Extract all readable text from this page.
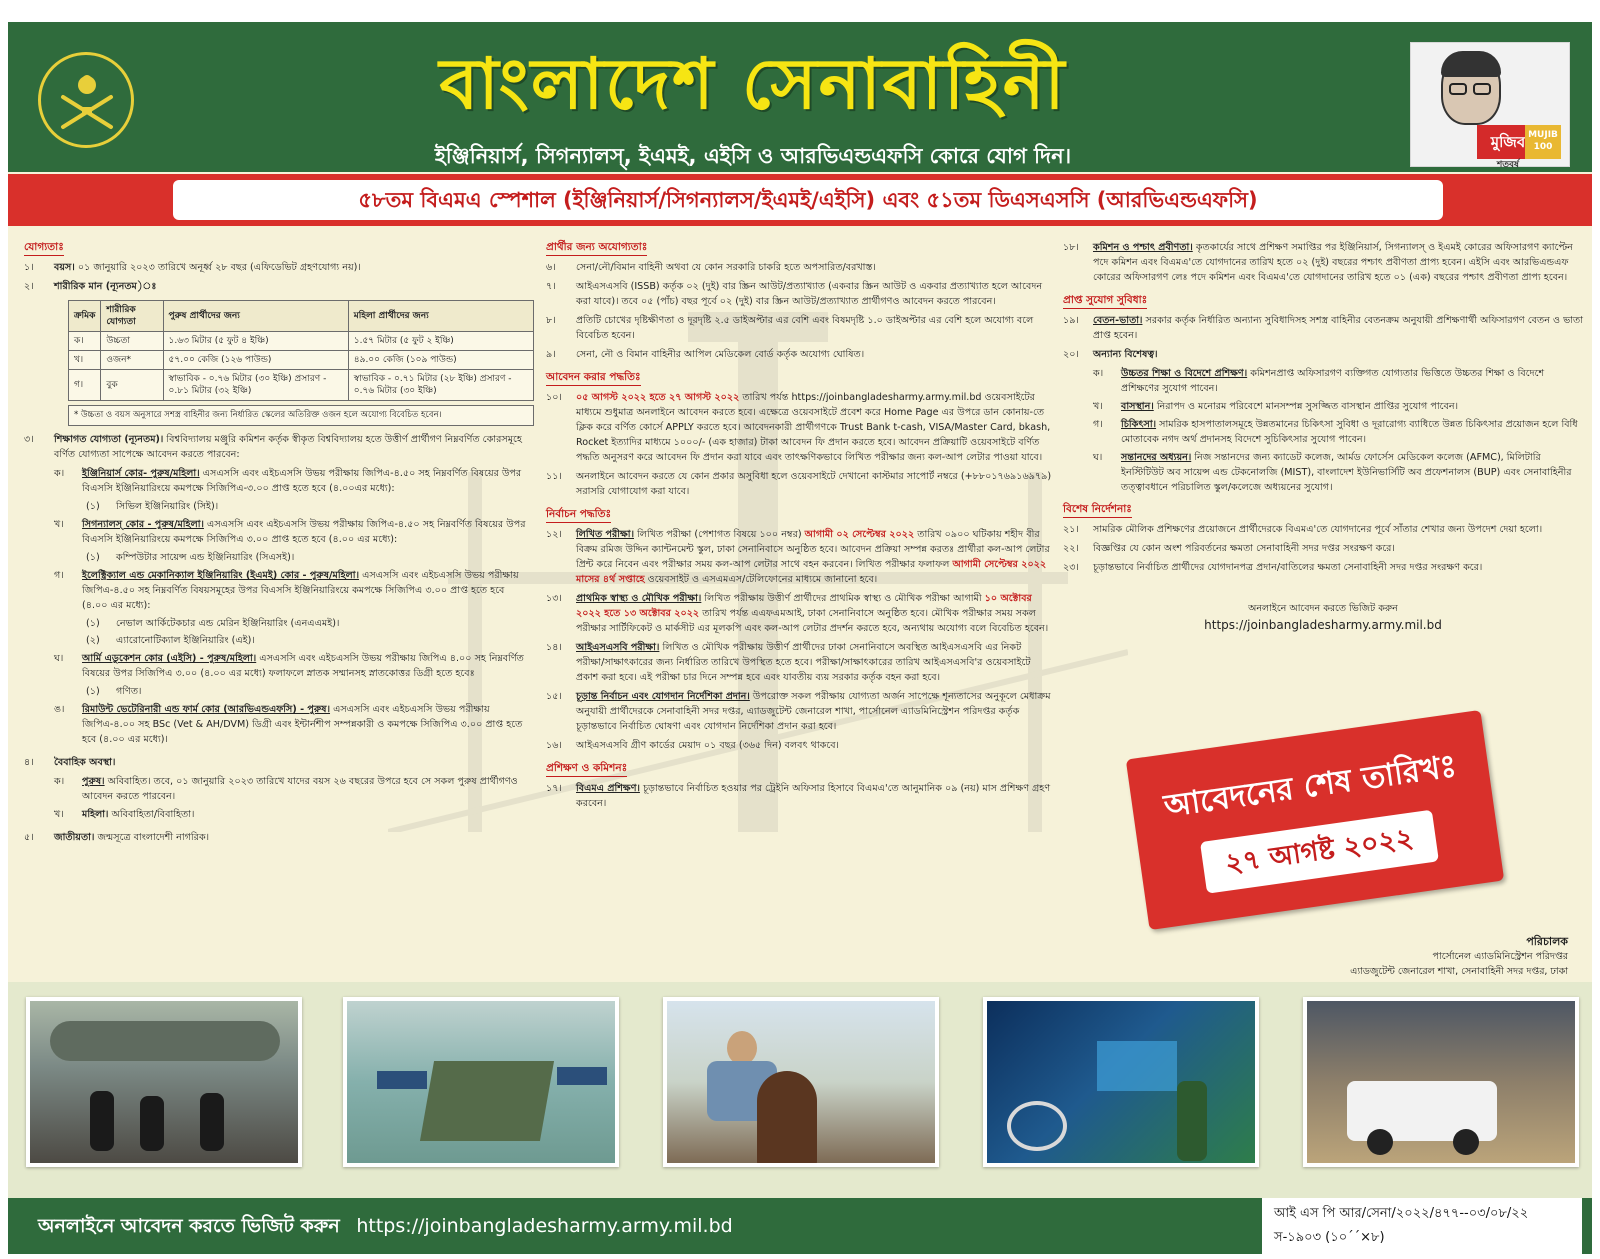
বাংলাদেশ সেনাবাহিনী
ইঞ্জিনিয়ার্স, সিগন্যালস্, ইএমই, এইসি ও আরভিএন্ডএফসি কোরে যোগ দিন।
মুজিব MUJIB 100
শতবর্ষ
৫৮তম বিএমএ স্পেশাল (ইঞ্জিনিয়ার্স/সিগন্যালস/ইএমই/এইসি) এবং ৫১তম ডিএসএসসি (আরভিএন্ডএফসি)
যোগ্যতাঃ
১।	বয়স। ০১ জানুয়ারি ২০২৩ তারিখে অনূর্ধ্ব ২৮ বছর (এফিডেভিট গ্রহণযোগ্য নয়)।
২।	শারীরিক মান (ন্যূনতম)ঃ
ক্রমিক	শারীরিক যোগ্যতা	পুরুষ প্রার্থীদের জন্য	মহিলা প্রার্থীদের জন্য
ক।	উচ্চতা	১.৬৩ মিটার (৫ ফুট ৪ ইঞ্চি)	১.৫৭ মিটার (৫ ফুট ২ ইঞ্চি)
খ।	ওজন*	৫৭.০০ কেজি (১২৬ পাউন্ড)	৪৯.০০ কেজি (১০৯ পাউন্ড)
গ।	বুক	স্বাভাবিক - ০.৭৬ মিটার (৩০ ইঞ্চি) প্রসারণ - ০.৮১ মিটার (৩২ ইঞ্চি)	স্বাভাবিক - ০.৭১ মিটার (২৮ ইঞ্চি) প্রসারণ - ০.৭৬ মিটার (৩০ ইঞ্চি)
* উচ্চতা ও বয়স অনুসারে সশস্ত্র বাহিনীর জন্য নির্ধারিত স্কেলের অতিরিক্ত ওজন হলে অযোগ্য বিবেচিত হবেন।
৩।	শিক্ষাগত যোগ্যতা (ন্যূনতম)। বিশ্ববিদ্যালয় মঞ্জুরি কমিশন কর্তৃক স্বীকৃত বিশ্ববিদ্যালয় হতে উত্তীর্ণ প্রার্থীগণ নিম্নবর্ণিত কোরসমূহে বর্ণিত যোগ্যতা সাপেক্ষে আবেদন করতে পারবেন:
ক। ইঞ্জিনিয়ার্স কোর- পুরুষ/মহিলা। এসএসসি এবং এইচএসসি উভয় পরীক্ষায় জিপিএ-৪.৫০ সহ নিম্নবর্ণিত বিষয়ের উপর বিএসসি ইঞ্জিনিয়ারিংয়ে কমপক্ষে সিজিপিএ-৩.০০ প্রাপ্ত হতে হবে (৪.০০এর মধ্যে):
(১) সিভিল ইঞ্জিনিয়ারিং (সিই)।
খ। সিগন্যালস্ কোর - পুরুষ/মহিলা। এসএসসি এবং এইচএসসি উভয় পরীক্ষায় জিপিএ-৪.৫০ সহ নিম্নবর্ণিত বিষয়ের উপর বিএসসি ইঞ্জিনিয়ারিংয়ে কমপক্ষে সিজিপিএ ৩.০০ প্রাপ্ত হতে হবে (৪.০০ এর মধ্যে):
(১) কম্পিউটার সায়েন্স এন্ড ইঞ্জিনিয়ারিং (সিএসই)।
গ। ইলেক্ট্রিক্যাল এন্ড মেকানিক্যাল ইঞ্জিনিয়ারিং (ইএমই) কোর - পুরুষ/মহিলা। এসএসসি এবং এইচএসসি উভয় পরীক্ষায় জিপিএ-৪.৫০ সহ নিম্নবর্ণিত বিষয়সমূহের উপর বিএসসি ইঞ্জিনিয়ারিংয়ে কমপক্ষে সিজিপিএ ৩.০০ প্রাপ্ত হতে হবে (৪.০০ এর মধ্যে):
(১) নেভাল আর্কিটেকচার এন্ড মেরিন ইঞ্জিনিয়ারিং (এনএএমই)।
(২) এ্যারোনোটিক্যাল ইঞ্জিনিয়ারিং (এই)।
ঘ। আর্মি এডুকেশন কোর (এইসি) - পুরুষ/মহিলা। এসএসসি এবং এইচএসসি উভয় পরীক্ষায় জিপিএ ৪.০০ সহ নিম্নবর্ণিত বিষয়ের উপর সিজিপিএ ৩.০০ (৪.০০ এর মধ্যে) ফলাফলে স্নাতক সম্মানসহ স্নাতকোত্তর ডিগ্রী হতে হবেঃ
(১) গণিত।
ঙ। রিমাউন্ট ভেটেরিনারী এন্ড ফার্ম কোর (আরভিএন্ডএফসি) - পুরুষ। এসএসসি এবং এইচএসসি উভয় পরীক্ষায় জিপিএ-৪.০০ সহ BSc (Vet & AH/DVM) ডিগ্রী এবং ইন্টার্নশীপ সম্পন্নকারী ও কমপক্ষে সিজিপিএ ৩.০০ প্রাপ্ত হতে হবে (৪.০০ এর মধ্যে)।
৪।	বৈবাহিক অবস্থা।
ক। পুরুষ। অবিবাহিত। তবে, ০১ জানুয়ারি ২০২৩ তারিখে যাদের বয়স ২৬ বছরের উপরে হবে সে সকল পুরুষ প্রার্থীগণও আবেদন করতে পারবেন।
খ। মহিলা। অবিবাহিতা/বিবাহিতা।
৫।	জাতীয়তা। জন্মসূত্রে বাংলাদেশী নাগরিক।
প্রার্থীর জন্য অযোগ্যতাঃ
৬।	সেনা/নৌ/বিমান বাহিনী অথবা যে কোন সরকারি চাকরি হতে অপসারিত/বরখাস্ত।
৭।	আইএসএসবি (ISSB) কর্তৃক ০২ (দুই) বার স্ক্রিন আউট/প্রত্যাখ্যাত (একবার স্ক্রিন আউট ও একবার প্রত্যাখ্যাত হলে আবেদন করা যাবে)। তবে ০৫ (পাঁচ) বছর পূর্বে ০২ (দুই) বার স্ক্রিন আউট/প্রত্যাখ্যাত প্রার্থীগণও আবেদন করতে পারবেন।
৮।	প্রতিটি চোখের দৃষ্টিক্ষীণতা ও দূরদৃষ্টি ২.৫ ডাইঅপ্টার এর বেশি এবং বিষমদৃষ্টি ১.০ ডাইঅপ্টার এর বেশি হলে অযোগ্য বলে বিবেচিত হবেন।
৯।	সেনা, নৌ ও বিমান বাহিনীর আপিল মেডিকেল বোর্ড কর্তৃক অযোগ্য ঘোষিত।
আবেদন করার পদ্ধতিঃ
১০।	০৫ আগস্ট ২০২২ হতে ২৭ আগস্ট ২০২২ তারিখ পর্যন্ত https://joinbangladesharmy.army.mil.bd ওয়েবসাইটের মাধ্যমে শুধুমাত্র অনলাইনে আবেদন করতে হবে। এক্ষেত্রে ওয়েবসাইটে প্রবেশ করে Home Page এর উপরে ডান কোনায়-তে ক্লিক করে বর্ণিত কোর্সে APPLY করতে হবে। আবেদনকারী প্রার্থীগণকে Trust Bank t-cash, VISA/Master Card, bkash, Rocket ইত্যাদির মাধ্যমে ১০০০/- (এক হাজার) টাকা আবেদন ফি প্রদান করতে হবে। আবেদন প্রক্রিয়াটি ওয়েবসাইটে বর্ণিত পদ্ধতি অনুসরণ করে আবেদন ফি প্রদান করা যাবে এবং তাৎক্ষণিকভাবে লিখিত পরীক্ষার জন্য কল-আপ লেটার পাওয়া যাবে।
১১।	অনলাইনে আবেদন করতে যে কোন প্রকার অসুবিধা হলে ওয়েবসাইটে দেখানো কাস্টমার সাপোর্ট নম্বরে (+৮৮০১৭৬৯১৬৯৭৯) সরাসরি যোগাযোগ করা যাবে।
নির্বাচন পদ্ধতিঃ
১২।	লিখিত পরীক্ষা। লিখিত পরীক্ষা (পেশাগত বিষয়ে ১০০ নম্বর) আগামী ০২ সেপ্টেম্বর ২০২২ তারিখ ০৯০০ ঘটিকায় শহীদ বীর বিক্রম রমিজ উদ্দিন ক্যান্টনমেন্ট স্কুল, ঢাকা সেনানিবাসে অনুষ্ঠিত হবে। আবেদন প্রক্রিয়া সম্পন্ন করতঃ প্রার্থীরা কল-আপ লেটার প্রিন্ট করে নিবেন এবং পরীক্ষার সময় কল-আপ লেটার সাথে বহন করবেন। লিখিত পরীক্ষার ফলাফল আগামী সেপ্টেম্বর ২০২২ মাসের ৪র্থ সপ্তাহে ওয়েবসাইট ও এসএমএস/টেলিফোনের মাধ্যমে জানানো হবে।
১৩।	প্রাথমিক স্বাস্থ্য ও মৌখিক পরীক্ষা। লিখিত পরীক্ষায় উত্তীর্ণ প্রার্থীদের প্রাথমিক স্বাস্থ্য ও মৌখিক পরীক্ষা আগামী ১০ অক্টোবর ২০২২ হতে ১৩ অক্টোবর ২০২২ তারিখ পর্যন্ত এএফএমআই, ঢাকা সেনানিবাসে অনুষ্ঠিত হবে। মৌখিক পরীক্ষার সময় সকল পরীক্ষার সার্টিফিকেট ও মার্কসীট এর মূলকপি এবং কল-আপ লেটার প্রদর্শন করতে হবে, অন্যথায় অযোগ্য বলে বিবেচিত হবেন।
১৪।	আইএসএসবি পরীক্ষা। লিখিত ও মৌখিক পরীক্ষায় উত্তীর্ণ প্রার্থীদের ঢাকা সেনানিবাসে অবস্থিত আইএসএসবি এর নিকট পরীক্ষা/সাক্ষাৎকারের জন্য নির্ধারিত তারিখে উপস্থিত হতে হবে। পরীক্ষা/সাক্ষাৎকারের তারিখ আইএসএসবি'র ওয়েবসাইটে প্রকাশ করা হবে। এই পরীক্ষা চার দিনে সম্পন্ন হবে এবং যাবতীয় ব্যয় সরকার কর্তৃক বহন করা হবে।
১৫।	চূড়ান্ত নির্বাচন এবং যোগদান নির্দেশিকা প্রদান। উপরোক্ত সকল পরীক্ষায় যোগ্যতা অর্জন সাপেক্ষে শূন্যতাসের অনুকূলে মেধাক্রম অনুযায়ী প্রার্থীদেরকে সেনাবাহিনী সদর দপ্তর, এ্যাডজুটেন্ট জেনারেল শাখা, পার্সোনেল এ্যাডমিনিস্ট্রেশন পরিদপ্তর কর্তৃক চূড়ান্তভাবে নির্বাচিত ঘোষণা এবং যোগদান নির্দেশিকা প্রদান করা হবে।
১৬।	আইএসএসবি গ্রীণ কার্ডের মেয়াদ ০১ বছর (৩৬৫ দিন) বলবৎ থাকবে।
প্রশিক্ষণ ও কমিশনঃ
১৭।	বিএমএ প্রশিক্ষণ। চূড়ান্তভাবে নির্বাচিত হওয়ার পর ট্রেইনি অফিসার হিসাবে বিএমএ'তে আনুমানিক ০৯ (নয়) মাস প্রশিক্ষণ গ্রহণ করবেন।
১৮।	কমিশন ও পশ্চাৎ প্রবীণতা। কৃতকার্যের সাথে প্রশিক্ষণ সমাপ্তির পর ইঞ্জিনিয়ার্স, সিগন্যালস্ ও ইএমই কোরের অফিসারগণ ক্যাপ্টেন পদে কমিশন এবং বিএমএ'তে যোগদানের তারিখ হতে ০২ (দুই) বছরের পশ্চাৎ প্রবীণতা প্রাপ্য হবেন। এইসি এবং আরভিএন্ডএফ কোরের অফিসারগণ লেঃ পদে কমিশন এবং বিএমএ'তে যোগদানের তারিখ হতে ০১ (এক) বছরের পশ্চাৎ প্রবীণতা প্রাপ্য হবেন।
প্রাপ্ত সুযোগ সুবিধাঃ
১৯।	বেতন-ভাতা। সরকার কর্তৃক নির্ধারিত অন্যান্য সুবিধাদিসহ সশস্ত্র বাহিনীর বেতনক্রম অনুযায়ী প্রশিক্ষণার্থী অফিসারগণ বেতন ও ভাতা প্রাপ্ত হবেন।
২০।	অন্যান্য বিশেষত্ব।
ক। উচ্চতর শিক্ষা ও বিদেশে প্রশিক্ষণ। কমিশনপ্রাপ্ত অফিসারগণ ব্যক্তিগত যোগ্যতার ভিত্তিতে উচ্চতর শিক্ষা ও বিদেশে প্রশিক্ষণের সুযোগ পাবেন।
খ। বাসস্থান। নিরাপদ ও মনোরম পরিবেশে মানসম্পন্ন সুসজ্জিত বাসস্থান প্রাপ্তির সুযোগ পাবেন।
গ। চিকিৎসা। সামরিক হাসপাতালসমূহে উন্নতমানের চিকিৎসা সুবিধা ও দূরারোগ্য ব্যাধিতে উন্নত চিকিৎসার প্রয়োজন হলে বিধি মোতাবেক নগদ অর্থ প্রদানসহ বিদেশে সুচিকিৎসার সুযোগ পাবেন।
ঘ। সন্তানদের অধ্যয়ন। নিজ সন্তানদের জন্য ক্যাডেট কলেজ, আর্মড ফোর্সেস মেডিকেল কলেজ (AFMC), মিলিটারি ইনস্টিটিউট অব সায়েন্স এন্ড টেকনোলজি (MIST), বাংলাদেশ ইউনিভার্সিটি অব প্রফেশনালস (BUP) এবং সেনাবাহিনীর তত্ত্বাবধানে পরিচালিত স্কুল/কলেজে অধ্যয়নের সুযোগ।
বিশেষ নির্দেশনাঃ
২১।	সামরিক মৌলিক প্রশিক্ষণের প্রয়োজনে প্রার্থীদেরকে বিএমএ'তে যোগদানের পূর্বে সাঁতার শেখার জন্য উপদেশ দেয়া হলো।
২২।	বিজ্ঞপ্তির যে কোন অংশ পরিবর্তনের ক্ষমতা সেনাবাহিনী সদর দপ্তর সংরক্ষণ করে।
২৩।	চূড়ান্তভাবে নির্বাচিত প্রার্থীদের যোগদানপত্র প্রদান/বাতিলের ক্ষমতা সেনাবাহিনী সদর দপ্তর সংরক্ষণ করে।
অনলাইনে আবেদন করতে ভিজিট করুন
https://joinbangladesharmy.army.mil.bd
আবেদনের শেষ তারিখঃ
২৭ আগষ্ট ২০২২
পরিচালক
পার্সোনেল এ্যাডমিনিস্ট্রেশন পরিদপ্তর
এ্যাডজুটেন্ট জেনারেল শাখা, সেনাবাহিনী সদর দপ্তর, ঢাকা
অনলাইনে আবেদন করতে ভিজিট করুন https://joinbangladesharmy.army.mil.bd
আই এস পি আর/সেনা/২০২২/৪৭৭--০৩/০৮/২২
স-১৯০৩ (১০´´×৮)
